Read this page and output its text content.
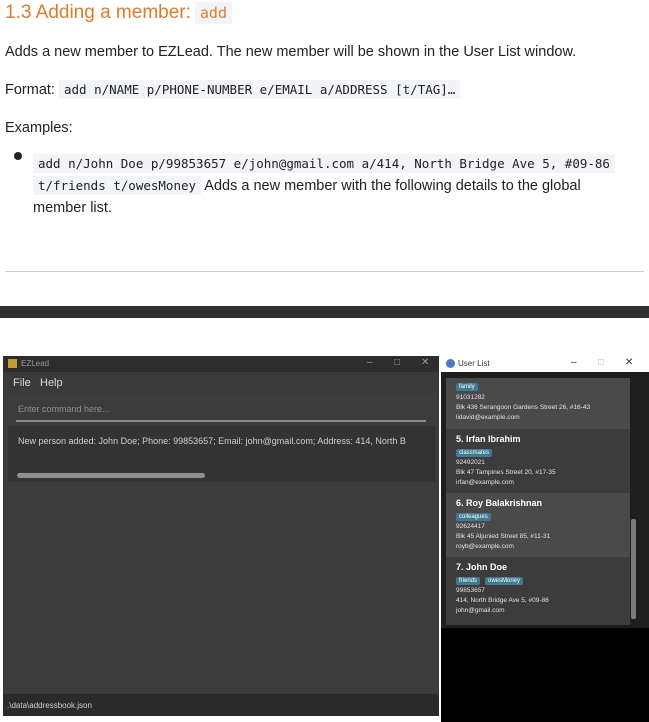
1.3 Adding a member: add
Adds a new member to EZLead. The new member will be shown in the User List window.
Format: add n/NAME p/PHONE-NUMBER e/EMAIL a/ADDRESS [t/TAG]…
Examples:
add n/John Doe p/99853657 e/john@gmail.com a/414, North Bridge Ave 5, #09-86
t/friends t/owesMoney Adds a new member with the following details to the global
member list.
EZLead	– □ ✕
File Help
Enter command here...
New person added: John Doe; Phone: 99853657; Email: john@gmail.com; Address: 414, North B
.\data\addressbook.json
User List	– □ ✕
family
91031282
Blk 436 Serangoon Gardens Street 26, #16-43
lidavid@example.com
5. Irfan Ibrahim
classmates
92492021
Blk 47 Tampines Street 20, #17-35
irfan@example.com
6. Roy Balakrishnan
colleagues
92624417
Blk 45 Aljunied Street 85, #11-31
royb@example.com
7. John Doe
friends	owesMoney
99853657
414, North Bridge Ave 5, #09-86
john@gmail.com
